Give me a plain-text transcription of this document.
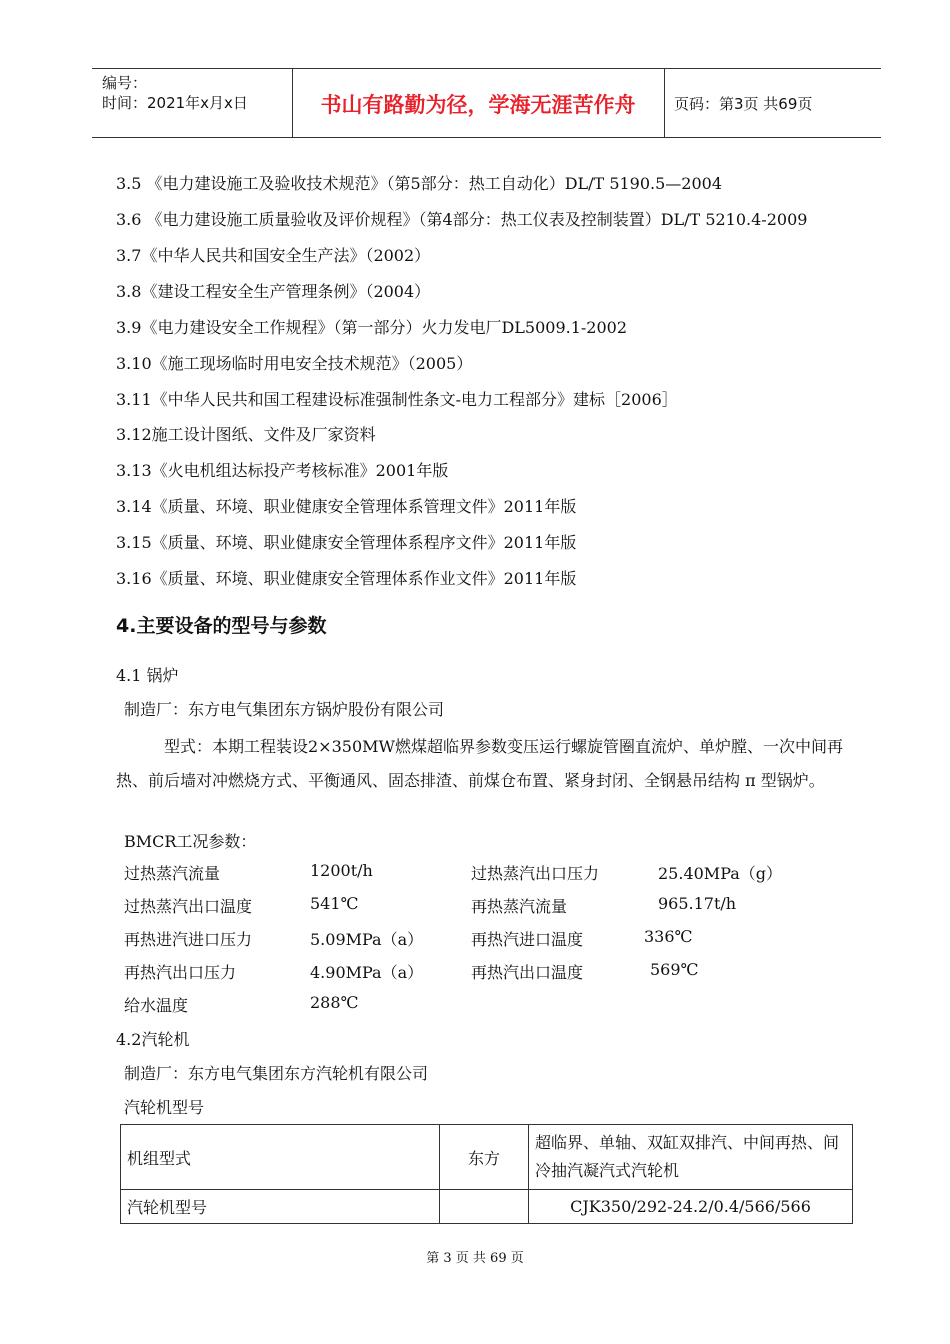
编号：
时间：2021年x月x日	书山有路勤为径，学海无涯苦作舟	页码：第3页 共69页
3.5 《电力建设施工及验收技术规范》（第5部分：热工自动化）DL/T 5190.5—2004
3.6 《电力建设施工质量验收及评价规程》（第4部分：热工仪表及控制装置）DL/T 5210.4-2009
3.7《中华人民共和国安全生产法》（2002）
3.8《建设工程安全生产管理条例》（2004）
3.9《电力建设安全工作规程》（第一部分）火力发电厂DL5009.1-2002
3.10《施工现场临时用电安全技术规范》（2005）
3.11《中华人民共和国工程建设标准强制性条文-电力工程部分》建标［2006］
3.12施工设计图纸、文件及厂家资料
3.13《火电机组达标投产考核标准》2001年版
3.14《质量、环境、职业健康安全管理体系管理文件》2011年版
3.15《质量、环境、职业健康安全管理体系程序文件》2011年版
3.16《质量、环境、职业健康安全管理体系作业文件》2011年版
4.主要设备的型号与参数
4.1 锅炉
制造厂：东方电气集团东方锅炉股份有限公司
型式：本期工程装设2×350MW燃煤超临界参数变压运行螺旋管圈直流炉、单炉膛、一次中间再热、前后墙对冲燃烧方式、平衡通风、固态排渣、前煤仓布置、紧身封闭、全钢悬吊结构 π 型锅炉。
BMCR工况参数：
过热蒸汽流量	1200t/h	过热蒸汽出口压力	25.40MPa（g）
过热蒸汽出口温度	541℃	再热蒸汽流量	965.17t/h
再热进汽进口压力	5.09MPa（a）	再热汽进口温度	336℃
再热汽出口压力	4.90MPa（a）	再热汽出口温度	569℃
给水温度	288℃
4.2汽轮机
制造厂：东方电气集团东方汽轮机有限公司
汽轮机型号
机组型式	东方	超临界、单轴、双缸双排汽、中间再热、间冷抽汽凝汽式汽轮机
汽轮机型号		CJK350/292-24.2/0.4/566/566
第 3 页 共 69 页
